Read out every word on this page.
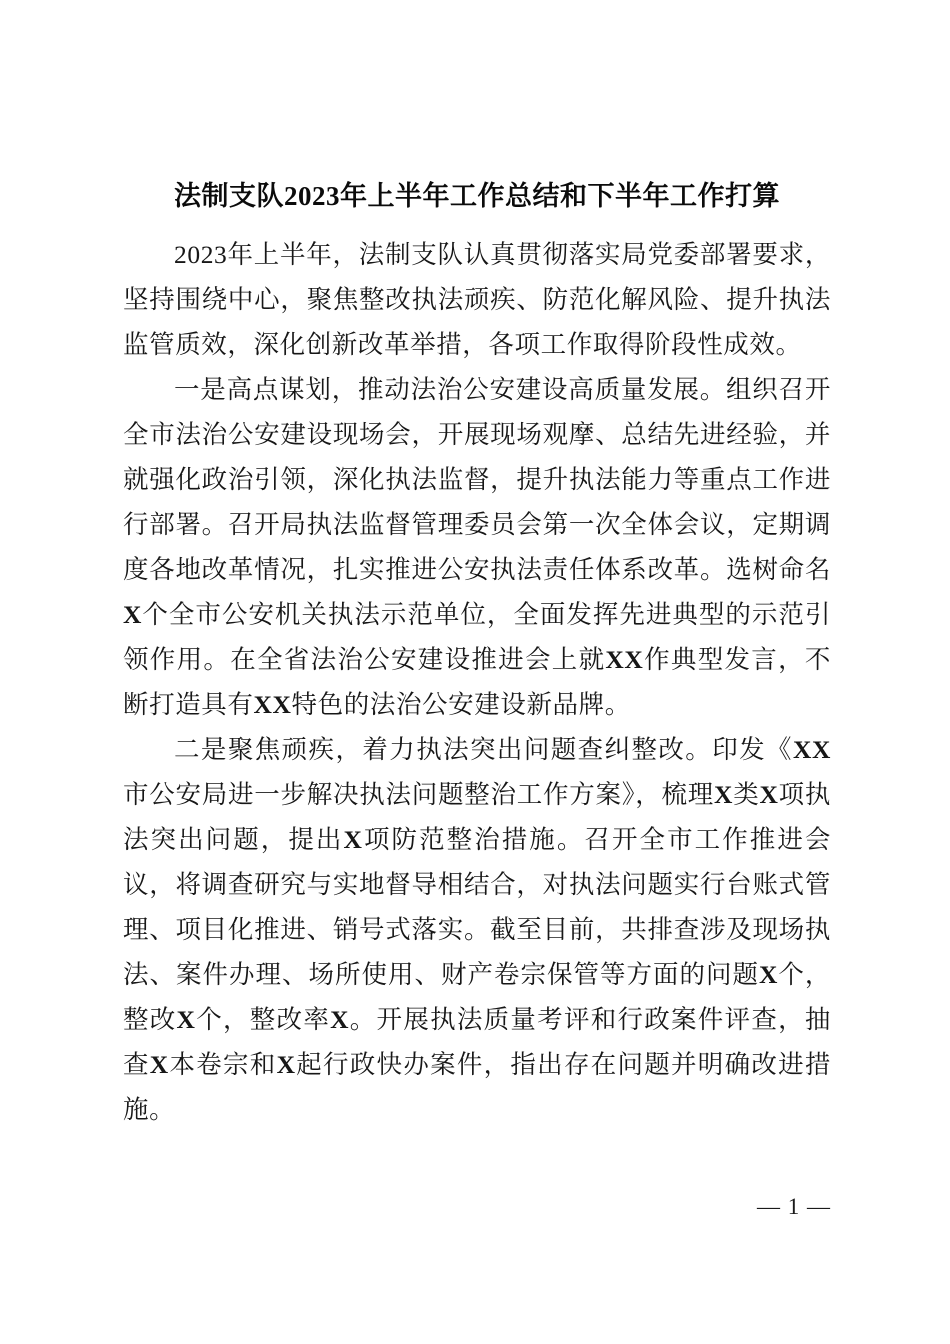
法制支队2023年上半年工作总结和下半年工作打算

2023年上半年，法制支队认真贯彻落实局党委部署要求，坚持围绕中心，聚焦整改执法顽疾、防范化解风险、提升执法监管质效，深化创新改革举措，各项工作取得阶段性成效。

一是高点谋划，推动法治公安建设高质量发展。组织召开全市法治公安建设现场会，开展现场观摩、总结先进经验，并就强化政治引领，深化执法监督，提升执法能力等重点工作进行部署。召开局执法监督管理委员会第一次全体会议，定期调度各地改革情况，扎实推进公安执法责任体系改革。选树命名X个全市公安机关执法示范单位，全面发挥先进典型的示范引领作用。在全省法治公安建设推进会上就XX作典型发言，不断打造具有XX特色的法治公安建设新品牌。

二是聚焦顽疾，着力执法突出问题查纠整改。印发《XX市公安局进一步解决执法问题整治工作方案》，梳理X类X项执法突出问题，提出X项防范整治措施。召开全市工作推进会议，将调查研究与实地督导相结合，对执法问题实行台账式管理、项目化推进、销号式落实。截至目前，共排查涉及现场执法、案件办理、场所使用、财产卷宗保管等方面的问题X个，整改X个，整改率X。开展执法质量考评和行政案件评查，抽查X本卷宗和X起行政快办案件，指出存在问题并明确改进措施。

— 1 —
